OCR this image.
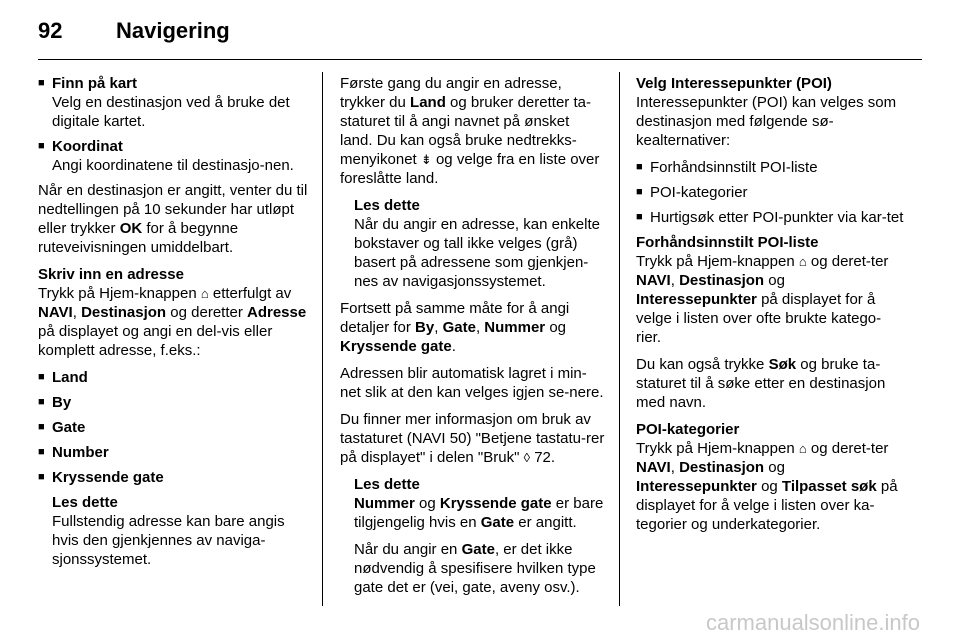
92 Navigering
■ Finn på kart
Velg en destinasjon ved å bruke det digitale kartet.
■ Koordinat
Angi koordinatene til destinasjo-nen.

Når en destinasjon er angitt, venter du til nedtellingen på 10 sekunder har utløpt eller trykker OK for å begynne ruteveivisningen umiddelbart.

Skriv inn en adresse

Trykk på Hjem-knappen ⌂ etterfulgt av NAVI, Destinasjon og deretter Adresse på displayet og angi en del-vis eller komplett adresse, f.eks.:

■ Land
■ By
■ Gate
■ Number
■ Kryssende gate
Les dette
Fullstendig adresse kan bare angis hvis den gjenkjennes av naviga-sjonssystemet.

Første gang du angir en adresse, trykker du Land og bruker deretter ta-staturet til å angi navnet på ønsket land. Du kan også bruke nedtrekks-menyikonet ⇟ og velge fra en liste over foreslåtte land.

Les dette
Når du angir en adresse, kan enkelte bokstaver og tall ikke velges (grå) basert på adressene som gjenkjen-nes av navigasjonssystemet.

Fortsett på samme måte for å angi detaljer for By, Gate, Nummer og Kryssende gate.

Adressen blir automatisk lagret i min-net slik at den kan velges igjen se-nere.

Du finner mer informasjon om bruk av tastaturet (NAVI 50) "Betjene tastatu-rer på displayet" i delen "Bruk" ◊ 72.

Les dette

Nummer og Kryssende gate er bare tilgjengelig hvis en Gate er angitt.

Når du angir en Gate, er det ikke nødvendig å spesifisere hvilken type gate det er (vei, gate, aveny osv.).

Velg Interessepunkter (POI)

Interessepunkter (POI) kan velges som destinasjon med følgende sø-kealternativer:

■ Forhåndsinnstilt POI-liste
■ POI-kategorier
■ Hurtigsøk etter POI-punkter via kar-tet
Forhåndsinnstilt POI-liste

Trykk på Hjem-knappen ⌂ og deret-ter NAVI, Destinasjon og Interessepunkter på displayet for å velge i listen over ofte brukte katego-rier.

Du kan også trykke Søk og bruke ta-staturet til å søke etter en destinasjon med navn.

POI-kategorier

Trykk på Hjem-knappen ⌂ og deret-ter NAVI, Destinasjon og Interessepunkter og Tilpasset søk på displayet for å velge i listen over ka-tegorier og underkategorier.

carmanualsonline.info
